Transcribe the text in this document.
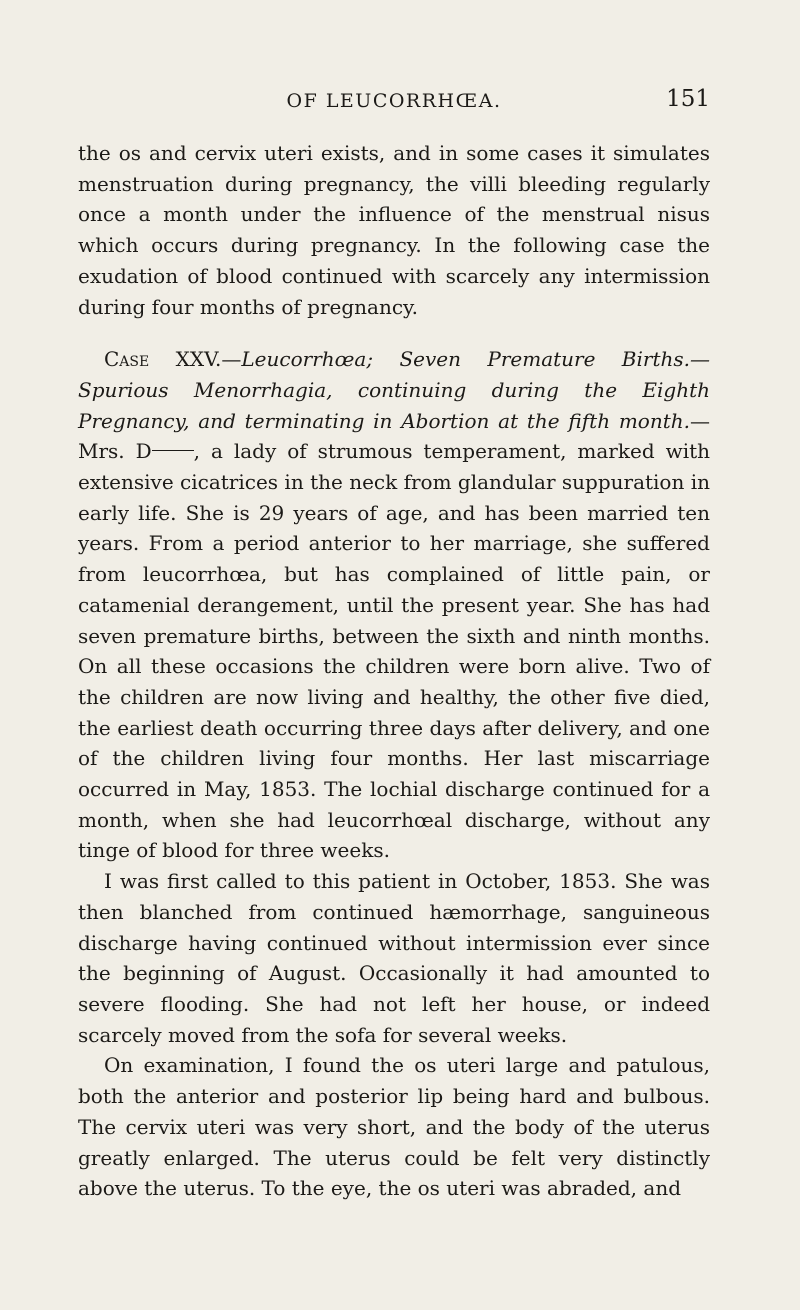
OF LEUCORRHŒA.	151

the os and cervix uteri exists, and in some cases it simulates menstruation during pregnancy, the villi bleeding regularly once a month under the influence of the menstrual nisus which occurs during pregnancy. In the following case the exudation of blood continued with scarcely any intermission during four months of pregnancy.

Case XXV.—Leucorrhœa; Seven Premature Births.—Spurious Menorrhagia, continuing during the Eighth Pregnancy, and terminating in Abortion at the fifth month.— Mrs. D , a lady of strumous temperament, marked with extensive cicatrices in the neck from glandular suppuration in early life. She is 29 years of age, and has been married ten years. From a period anterior to her marriage, she suffered from leucorrhœa, but has complained of little pain, or catamenial derangement, until the present year. She has had seven premature births, between the sixth and ninth months. On all these occasions the children were born alive. Two of the children are now living and healthy, the other five died, the earliest death occurring three days after delivery, and one of the children living four months. Her last miscarriage occurred in May, 1853. The lochial discharge continued for a month, when she had leucorrhœal discharge, without any tinge of blood for three weeks.

I was first called to this patient in October, 1853. She was then blanched from continued hæmorrhage, sanguineous discharge having continued without intermission ever since the beginning of August. Occasionally it had amounted to severe flooding. She had not left her house, or indeed scarcely moved from the sofa for several weeks.

On examination, I found the os uteri large and patulous, both the anterior and posterior lip being hard and bulbous. The cervix uteri was very short, and the body of the uterus greatly enlarged. The uterus could be felt very distinctly above the uterus. To the eye, the os uteri was abraded, and
